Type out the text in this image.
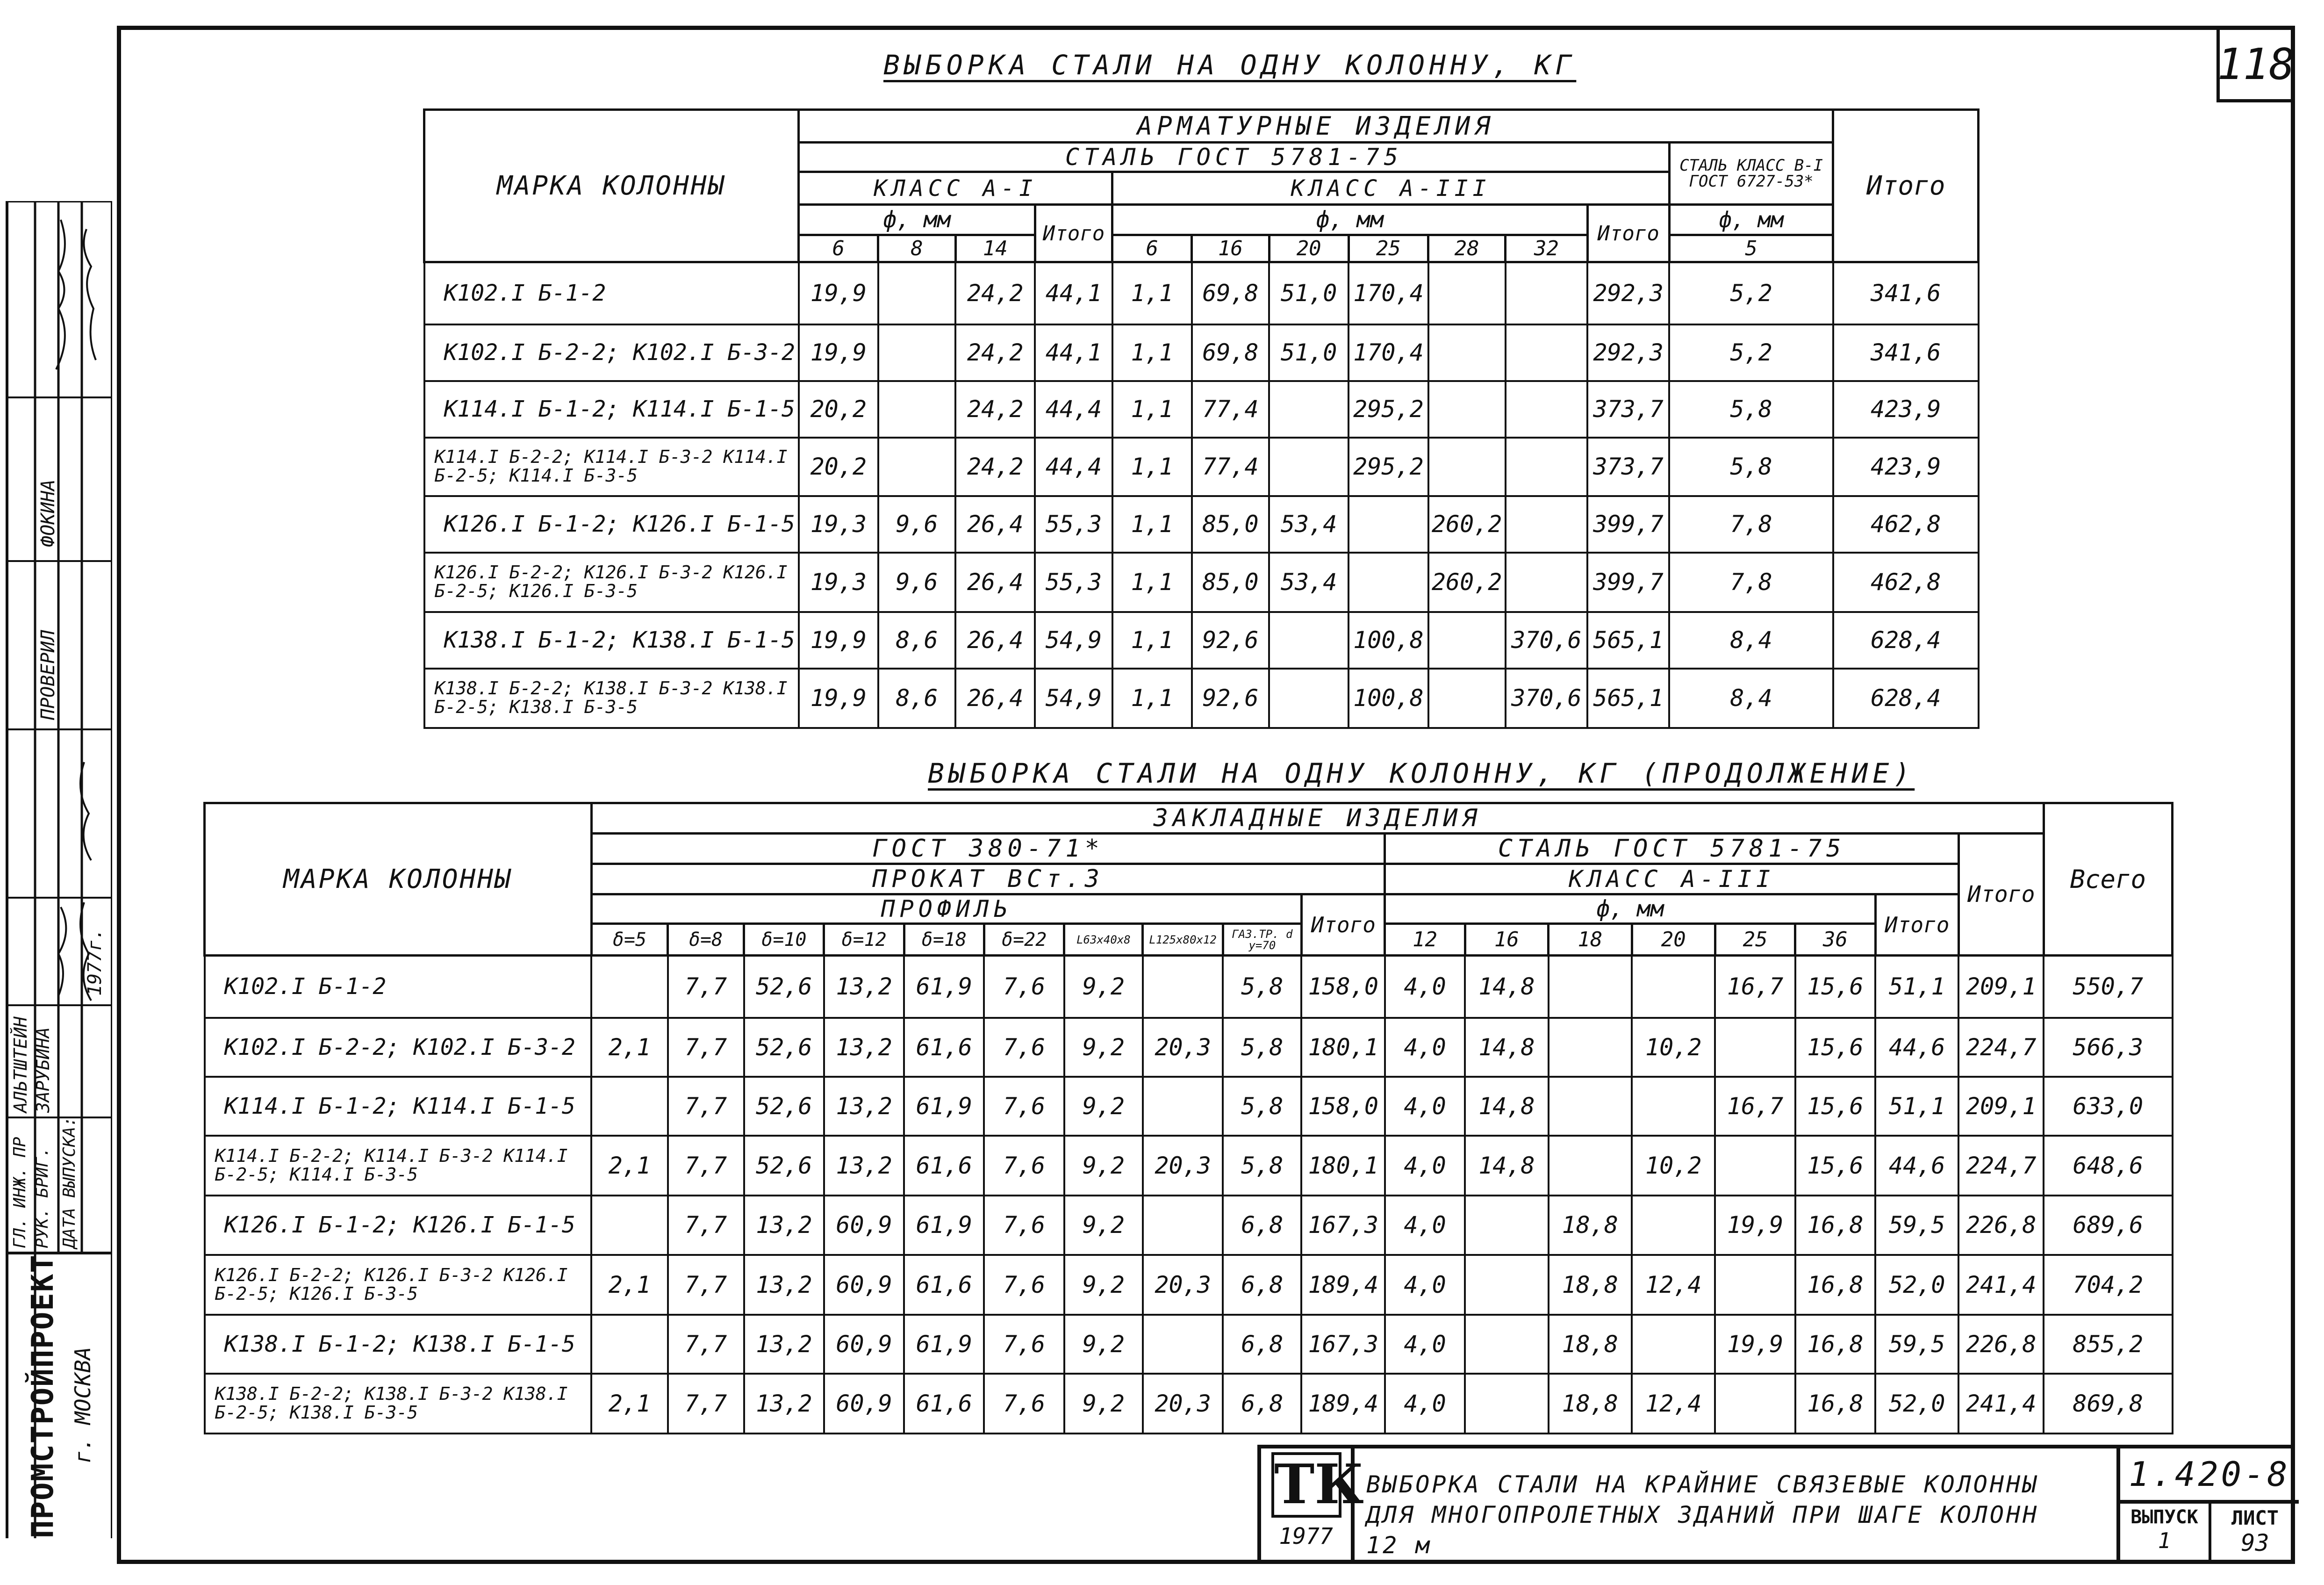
118
ВЫБОРКА СТАЛИ НА ОДНУ КОЛОННУ, КГ
МАРКА КОЛОННЫ	АРМАТУРНЫЕ ИЗДЕЛИЯ												Итого
	СТАЛЬ ГОСТ 5781-75											СТАЛЬ КЛАСС В-I ГОСТ 6727-53*	
	КЛАСС А-I				КЛАСС А-III								
	ф, мм			Итого	ф, мм						Итого	ф, мм	
	6	8	14		6	16	20	25	28	32		5	
К102.I Б-1-2	19,9		24,2	44,1	1,1	69,8	51,0	170,4			292,3	5,2	341,6
К102.I Б-2-2; К102.I Б-3-2	19,9		24,2	44,1	1,1	69,8	51,0	170,4			292,3	5,2	341,6
К114.I Б-1-2; К114.I Б-1-5	20,2		24,2	44,4	1,1	77,4		295,2			373,7	5,8	423,9
К114.I Б-2-2; К114.I Б-3-2 К114.I Б-2-5; К114.I Б-3-5	20,2		24,2	44,4	1,1	77,4		295,2			373,7	5,8	423,9
К126.I Б-1-2; К126.I Б-1-5	19,3	9,6	26,4	55,3	1,1	85,0	53,4		260,2		399,7	7,8	462,8
К126.I Б-2-2; К126.I Б-3-2 К126.I Б-2-5; К126.I Б-3-5	19,3	9,6	26,4	55,3	1,1	85,0	53,4		260,2		399,7	7,8	462,8
К138.I Б-1-2; К138.I Б-1-5	19,9	8,6	26,4	54,9	1,1	92,6		100,8		370,6	565,1	8,4	628,4
К138.I Б-2-2; К138.I Б-3-2 К138.I Б-2-5; К138.I Б-3-5	19,9	8,6	26,4	54,9	1,1	92,6		100,8		370,6	565,1	8,4	628,4
ВЫБОРКА СТАЛИ НА ОДНУ КОЛОННУ, КГ (ПРОДОЛЖЕНИЕ)
МАРКА КОЛОННЫ	ЗАКЛАДНЫЕ ИЗДЕЛИЯ																		Всего
	ГОСТ 380-71*										СТАЛЬ ГОСТ 5781-75							Итого	
	ПРОКАТ ВСт.3										КЛАСС А-III								
	ПРОФИЛЬ									Итого	ф, мм						Итого		
	δ=5	δ=8	δ=10	δ=12	δ=18	δ=22	L63x40x8	L125x80x12	ГАЗ.ТР. d у=70		12	16	18	20	25	36			
К102.I Б-1-2		7,7	52,6	13,2	61,9	7,6	9,2		5,8	158,0	4,0	14,8			16,7	15,6	51,1	209,1	550,7
К102.I Б-2-2; К102.I Б-3-2	2,1	7,7	52,6	13,2	61,6	7,6	9,2	20,3	5,8	180,1	4,0	14,8		10,2		15,6	44,6	224,7	566,3
К114.I Б-1-2; К114.I Б-1-5		7,7	52,6	13,2	61,9	7,6	9,2		5,8	158,0	4,0	14,8			16,7	15,6	51,1	209,1	633,0
К114.I Б-2-2; К114.I Б-3-2 К114.I Б-2-5; К114.I Б-3-5	2,1	7,7	52,6	13,2	61,6	7,6	9,2	20,3	5,8	180,1	4,0	14,8		10,2		15,6	44,6	224,7	648,6
К126.I Б-1-2; К126.I Б-1-5		7,7	13,2	60,9	61,9	7,6	9,2		6,8	167,3	4,0		18,8		19,9	16,8	59,5	226,8	689,6
К126.I Б-2-2; К126.I Б-3-2 К126.I Б-2-5; К126.I Б-3-5	2,1	7,7	13,2	60,9	61,6	7,6	9,2	20,3	6,8	189,4	4,0		18,8	12,4		16,8	52,0	241,4	704,2
К138.I Б-1-2; К138.I Б-1-5		7,7	13,2	60,9	61,9	7,6	9,2		6,8	167,3	4,0		18,8		19,9	16,8	59,5	226,8	855,2
К138.I Б-2-2; К138.I Б-3-2 К138.I Б-2-5; К138.I Б-3-5	2,1	7,7	13,2	60,9	61,6	7,6	9,2	20,3	6,8	189,4	4,0		18,8	12,4		16,8	52,0	241,4	869,8
ПРОВЕРИЛ
ФОКИНА
ГЛ. ИНЖ. ПР РУК. БРИГ. ДАТА ВЫПУСКА:
АЛЬТШТЕЙН ЗАРУБИНА
1977г.
ПРОМСТРОЙПРОЕКТ г. МОСКВА
ТК
1977
ВЫБОРКА СТАЛИ НА КРАЙНИЕ СВЯЗЕВЫЕ КОЛОННЫ ДЛЯ МНОГОПРОЛЕТНЫХ ЗДАНИЙ ПРИ ШАГЕ КОЛОНН 12 м
1.420-8
ВЫПУСК
1
ЛИСТ
93
